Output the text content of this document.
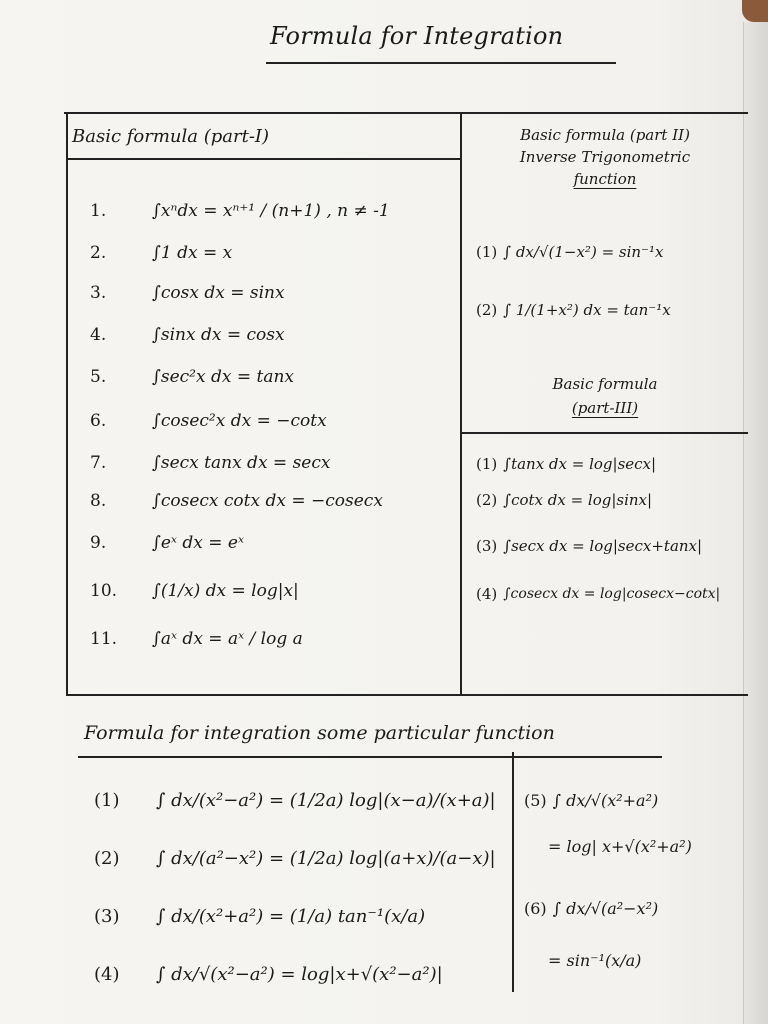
Formula for Integration
Basic formula (part-I)
1.	∫xⁿdx = xⁿ⁺¹ / (n+1) , n ≠ -1
2.	∫1 dx = x
3.	∫cosx dx = sinx
4.	∫sinx dx = cosx
5.	∫sec²x dx = tanx
6.	∫cosec²x dx = −cotx
7.	∫secx tanx dx = secx
8.	∫cosecx cotx dx = −cosecx
9.	∫eˣ dx = eˣ
10.	∫(1/x) dx = log|x|
11.	∫aˣ dx = aˣ / log a
Basic formula (part II)
Inverse Trigonometric
function
(1) ∫ dx/√(1−x²) = sin⁻¹x
(2) ∫ 1/(1+x²) dx = tan⁻¹x
Basic formula
(part-III)
(1) ∫tanx dx = log|secx|
(2) ∫cotx dx = log|sinx|
(3) ∫secx dx = log|secx+tanx|
(4) ∫cosecx dx = log|cosecx−cotx|
Formula for integration some particular function
(1)	∫ dx/(x²−a²) = (1/2a) log|(x−a)/(x+a)|
(2)	∫ dx/(a²−x²) = (1/2a) log|(a+x)/(a−x)|
(3)	∫ dx/(x²+a²) = (1/a) tan⁻¹(x/a)
(4)	∫ dx/√(x²−a²) = log|x+√(x²−a²)|
(5) ∫ dx/√(x²+a²)
= log| x+√(x²+a²)
(6) ∫ dx/√(a²−x²)
= sin⁻¹(x/a)
